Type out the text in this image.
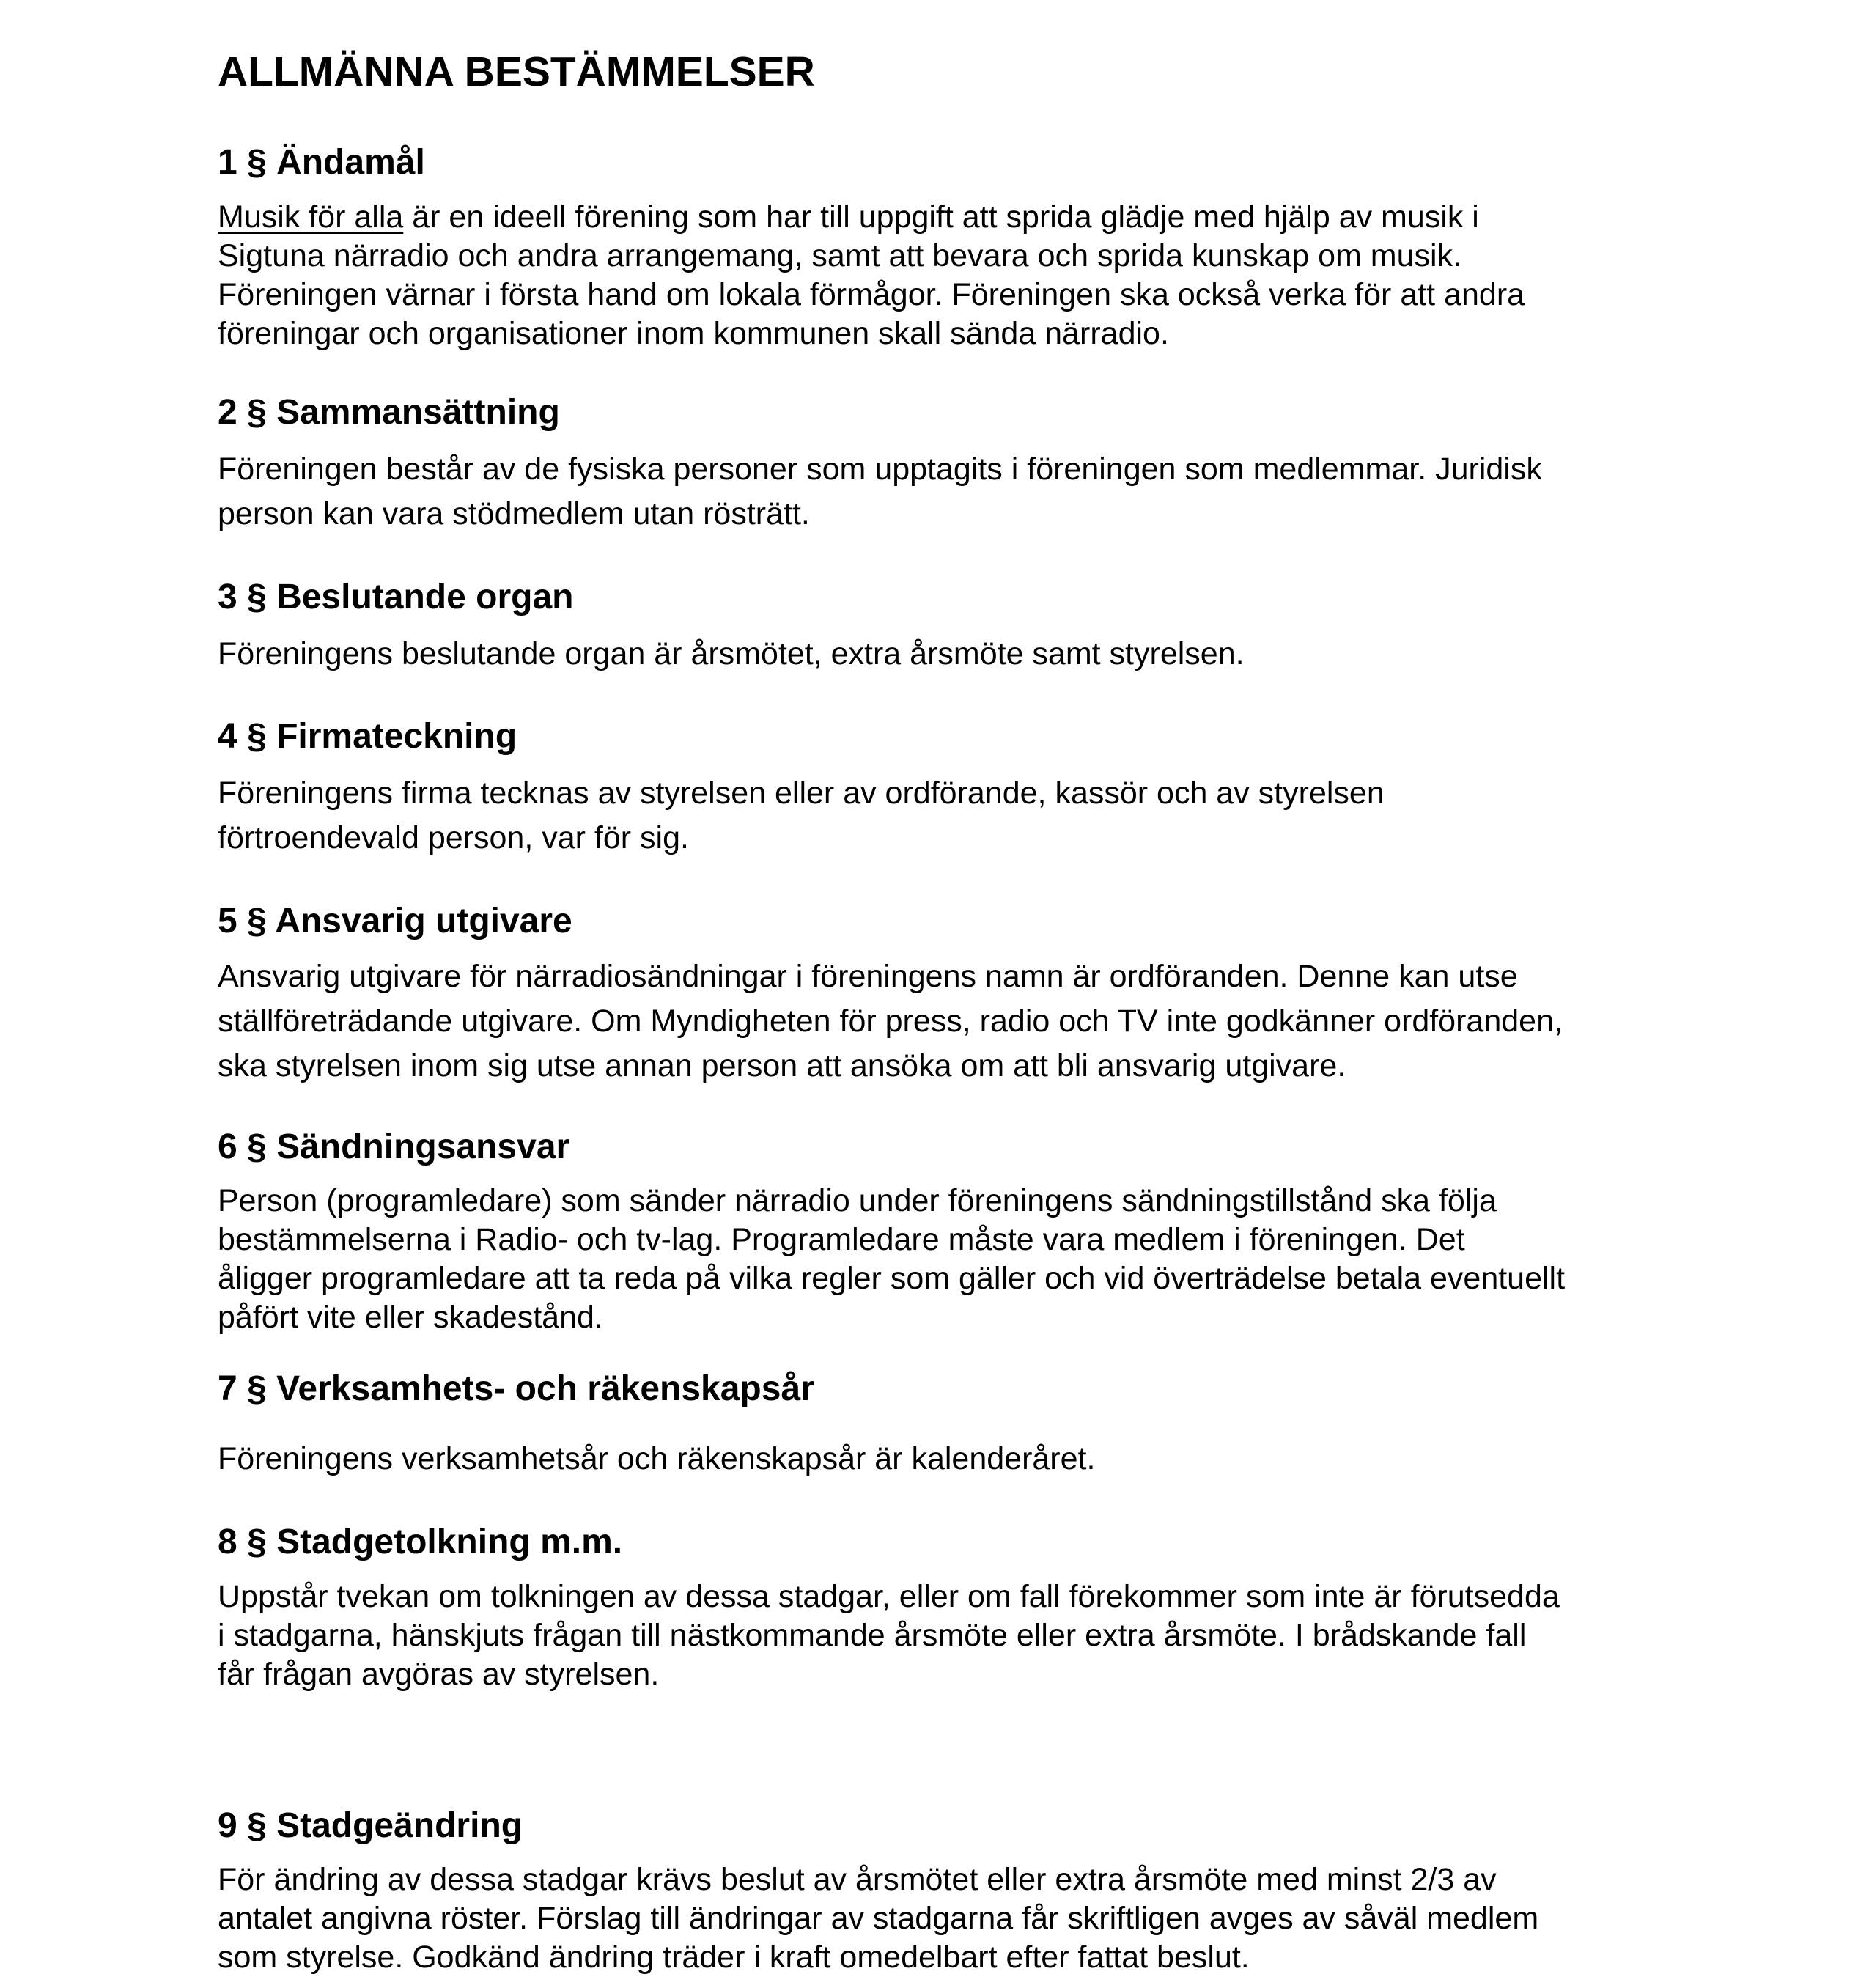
ALLMÄNNA BESTÄMMELSER
1 § Ändamål

Musik för alla är en ideell förening som har till uppgift att sprida glädje med hjälp av musik i
Sigtuna närradio och andra arrangemang, samt att bevara och sprida kunskap om musik.
Föreningen värnar i första hand om lokala förmågor. Föreningen ska också verka för att andra
föreningar och organisationer inom kommunen skall sända närradio.

2 § Sammansättning

Föreningen består av de fysiska personer som upptagits i föreningen som medlemmar. Juridisk
person kan vara stödmedlem utan rösträtt.

3 § Beslutande organ

Föreningens beslutande organ är årsmötet, extra årsmöte samt styrelsen.

4 § Firmateckning

Föreningens firma tecknas av styrelsen eller av ordförande, kassör och av styrelsen
förtroendevald person, var för sig.

5 § Ansvarig utgivare

Ansvarig utgivare för närradiosändningar i föreningens namn är ordföranden. Denne kan utse
ställföreträdande utgivare. Om Myndigheten för press, radio och TV inte godkänner ordföranden,
ska styrelsen inom sig utse annan person att ansöka om att bli ansvarig utgivare.

6 § Sändningsansvar

Person (programledare) som sänder närradio under föreningens sändningstillstånd ska följa
bestämmelserna i Radio- och tv-lag. Programledare måste vara medlem i föreningen. Det
åligger programledare att ta reda på vilka regler som gäller och vid överträdelse betala eventuellt
påfört vite eller skadestånd.

7 § Verksamhets- och räkenskapsår

Föreningens verksamhetsår och räkenskapsår är kalenderåret.

8 § Stadgetolkning m.m.

Uppstår tvekan om tolkningen av dessa stadgar, eller om fall förekommer som inte är förutsedda
i stadgarna, hänskjuts frågan till nästkommande årsmöte eller extra årsmöte. I brådskande fall
får frågan avgöras av styrelsen.

9 § Stadgeändring

För ändring av dessa stadgar krävs beslut av årsmötet eller extra årsmöte med minst 2/3 av
antalet angivna röster. Förslag till ändringar av stadgarna får skriftligen avges av såväl medlem
som styrelse. Godkänd ändring träder i kraft omedelbart efter fattat beslut.
